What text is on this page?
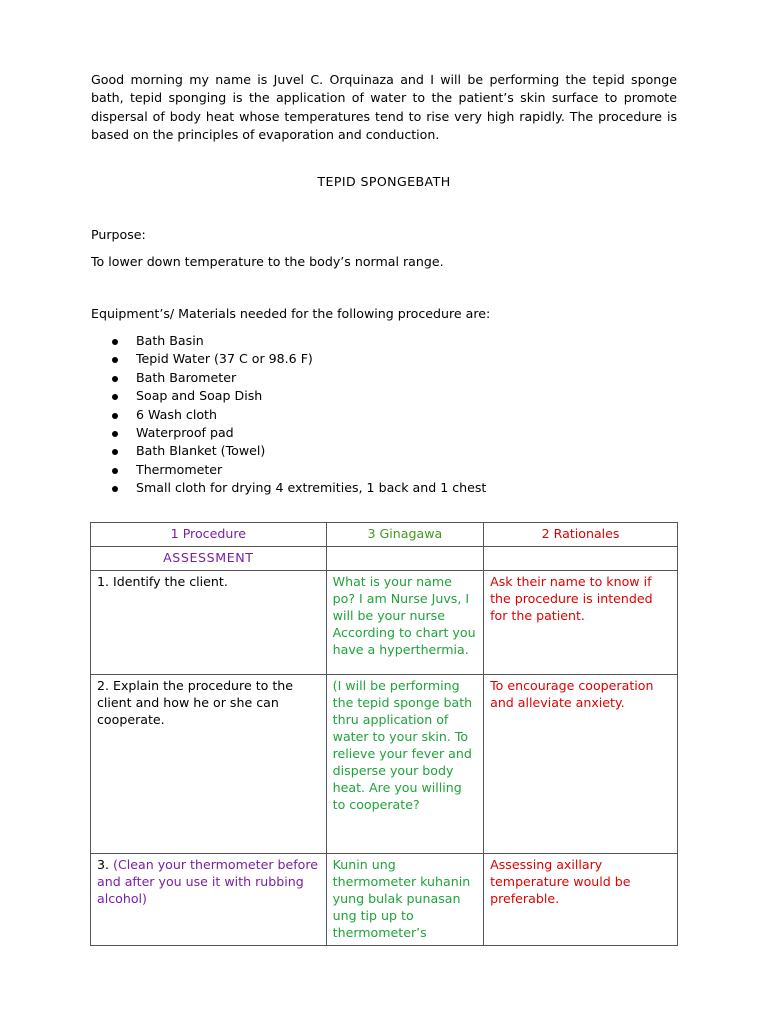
Good morning my name is Juvel C. Orquinaza and I will be performing the tepid sponge bath, tepid sponging is the application of water to the patient’s skin surface to promote dispersal of body heat whose temperatures tend to rise very high rapidly. The procedure is based on the principles of evaporation and conduction.

TEPID SPONGEBATH

Purpose:

To lower down temperature to the body’s normal range.

Equipment’s/ Materials needed for the following procedure are:

Bath Basin
Tepid Water (37 C or 98.6 F)
Bath Barometer
Soap and Soap Dish
6 Wash cloth
Waterproof pad
Bath Blanket (Towel)
Thermometer
Small cloth for drying 4 extremities, 1 back and 1 chest
1 Procedure	3 Ginagawa	2 Rationales
ASSESSMENT		
1. Identify the client.	What is your name po? I am Nurse Juvs, I will be your nurse According to chart you have a hyperthermia.	Ask their name to know if the procedure is intended for the patient.
2. Explain the procedure to the client and how he or she can cooperate.	(I will be performing the tepid sponge bath thru application of water to your skin. To relieve your fever and disperse your body heat. Are you willing to cooperate?	To encourage cooperation and alleviate anxiety.
3. (Clean your thermometer before and after you use it with rubbing alcohol)	Kunin ung thermometer kuhanin yung bulak punasan ung tip up to thermometer’s	Assessing axillary temperature would be preferable.
